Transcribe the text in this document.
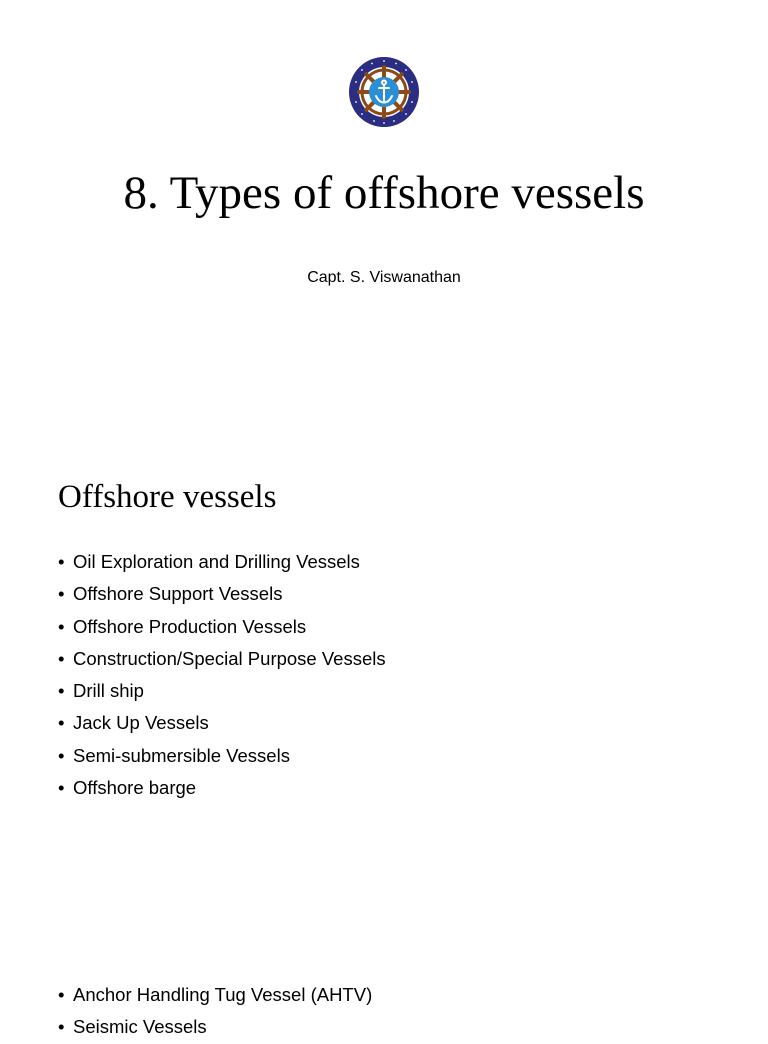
8. Types of offshore vessels
Capt. S. Viswanathan
Offshore vessels
• Oil Exploration and Drilling Vessels
• Offshore Support Vessels
• Offshore Production Vessels
• Construction/Special Purpose Vessels
• Drill ship
• Jack Up Vessels
• Semi-submersible Vessels
• Offshore barge
• Anchor Handling Tug Vessel (AHTV)
• Seismic Vessels
